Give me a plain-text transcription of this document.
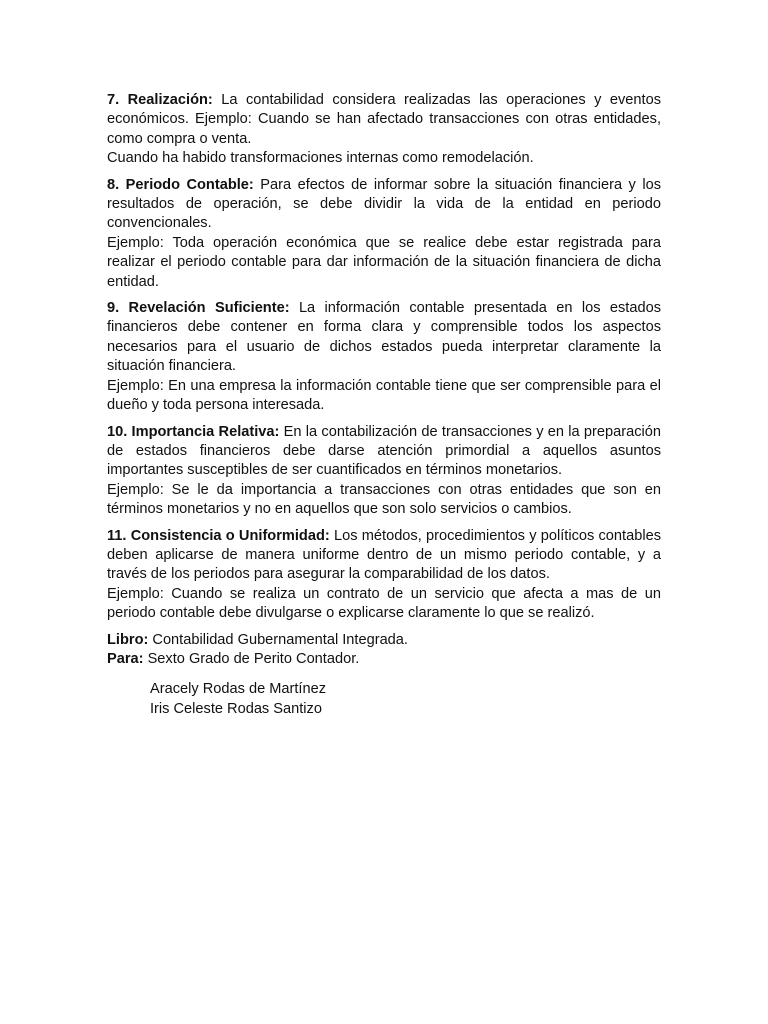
7. Realización: La contabilidad considera realizadas las operaciones y eventos económicos. Ejemplo: Cuando se han afectado transacciones con otras entidades, como compra o venta.
Cuando ha habido transformaciones internas como remodelación.

8. Periodo Contable: Para efectos de informar sobre la situación financiera y los resultados de operación, se debe dividir la vida de la entidad en periodo convencionales.
Ejemplo: Toda operación económica que se realice debe estar registrada para realizar el periodo contable para dar información de la situación financiera de dicha entidad.

9. Revelación Suficiente: La información contable presentada en los estados financieros debe contener en forma clara y comprensible todos los aspectos necesarios para el usuario de dichos estados pueda interpretar claramente la situación financiera.
Ejemplo: En una empresa la información contable tiene que ser comprensible para el dueño y toda persona interesada.

10. Importancia Relativa: En la contabilización de transacciones y en la preparación de estados financieros debe darse atención primordial a aquellos asuntos importantes susceptibles de ser cuantificados en términos monetarios.
Ejemplo: Se le da importancia a transacciones con otras entidades que son en términos monetarios y no en aquellos que son solo servicios o cambios.

11. Consistencia o Uniformidad: Los métodos, procedimientos y políticos contables deben aplicarse de manera uniforme dentro de un mismo periodo contable, y a través de los periodos para asegurar la comparabilidad de los datos.
Ejemplo: Cuando se realiza un contrato de un servicio que afecta a mas de un periodo contable debe divulgarse o explicarse claramente lo que se realizó.

Libro: Contabilidad Gubernamental Integrada.
Para: Sexto Grado de Perito Contador.
Aracely Rodas de Martínez
Iris Celeste Rodas Santizo
